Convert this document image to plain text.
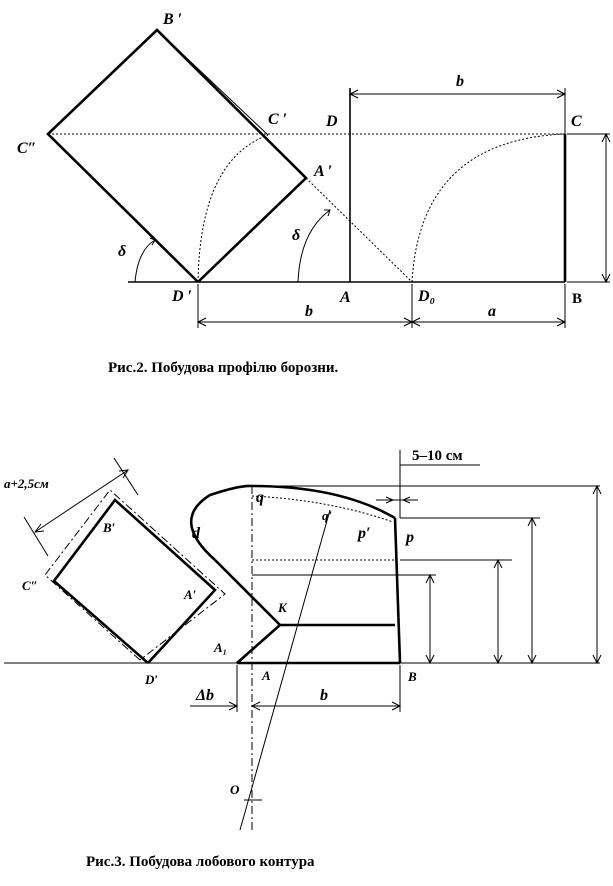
B ′
C″
C ′
A ′
D ′
D	C
A	D₀	B
δ
δ
b
b	a
Рис.2. Побудова профілю борозни.
a+2,5см
5–10 см
B′
C″
A′
D′
d
q
q′
p′ p
K
A₁
A	B
Δb	b
O
Рис.3. Побудова лобового контура
